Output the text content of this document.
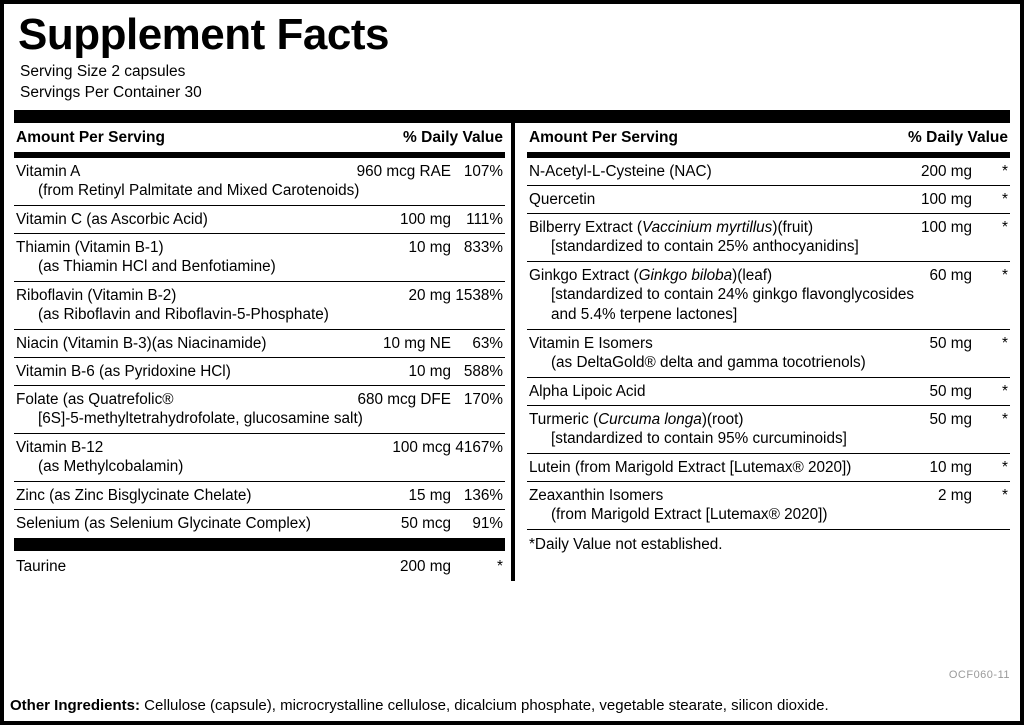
Supplement Facts
Serving Size 2 capsules
Servings Per Container 30
Amount Per Serving	% Daily Value
Vitamin A	960 mcg RAE 107%
(from Retinyl Palmitate and Mixed Carotenoids)
Vitamin C (as Ascorbic Acid)	100 mg 111%
Thiamin (Vitamin B-1)	10 mg 833%
(as Thiamin HCl and Benfotiamine)
Riboflavin (Vitamin B-2)	20 mg 1538%
(as Riboflavin and Riboflavin-5-Phosphate)
Niacin (Vitamin B-3)(as Niacinamide)	10 mg NE	63%
Vitamin B-6 (as Pyridoxine HCl)	10 mg 588%
Folate (as Quatrefolic®	680 mcg DFE 170%
[6S]-5-methyltetrahydrofolate, glucosamine salt)
Vitamin B-12	100 mcg 4167%
(as Methylcobalamin)
Zinc (as Zinc Bisglycinate Chelate)	15 mg 136%
Selenium (as Selenium Glycinate Complex)	50 mcg	91%
Taurine	200 mg	*
Amount Per Serving	% Daily Value
N-Acetyl-L-Cysteine (NAC)	200 mg	*
Quercetin	100 mg	*
Bilberry Extract (Vaccinium myrtillus)(fruit)	100 mg	*
[standardized to contain 25% anthocyanidins]
Ginkgo Extract (Ginkgo biloba)(leaf)	60 mg	*
[standardized to contain 24% ginkgo flavonglycosides
and 5.4% terpene lactones]
Vitamin E Isomers	50 mg	*
(as DeltaGold® delta and gamma tocotrienols)
Alpha Lipoic Acid	50 mg	*
Turmeric (Curcuma longa)(root)	50 mg	*
[standardized to contain 95% curcuminoids]
Lutein (from Marigold Extract [Lutemax® 2020])	10 mg	*
Zeaxanthin Isomers	2 mg	*
(from Marigold Extract [Lutemax® 2020])
*Daily Value not established.
OCF060-11
Other Ingredients: Cellulose (capsule), microcrystalline cellulose, dicalcium phosphate, vegetable stearate, silicon dioxide.
